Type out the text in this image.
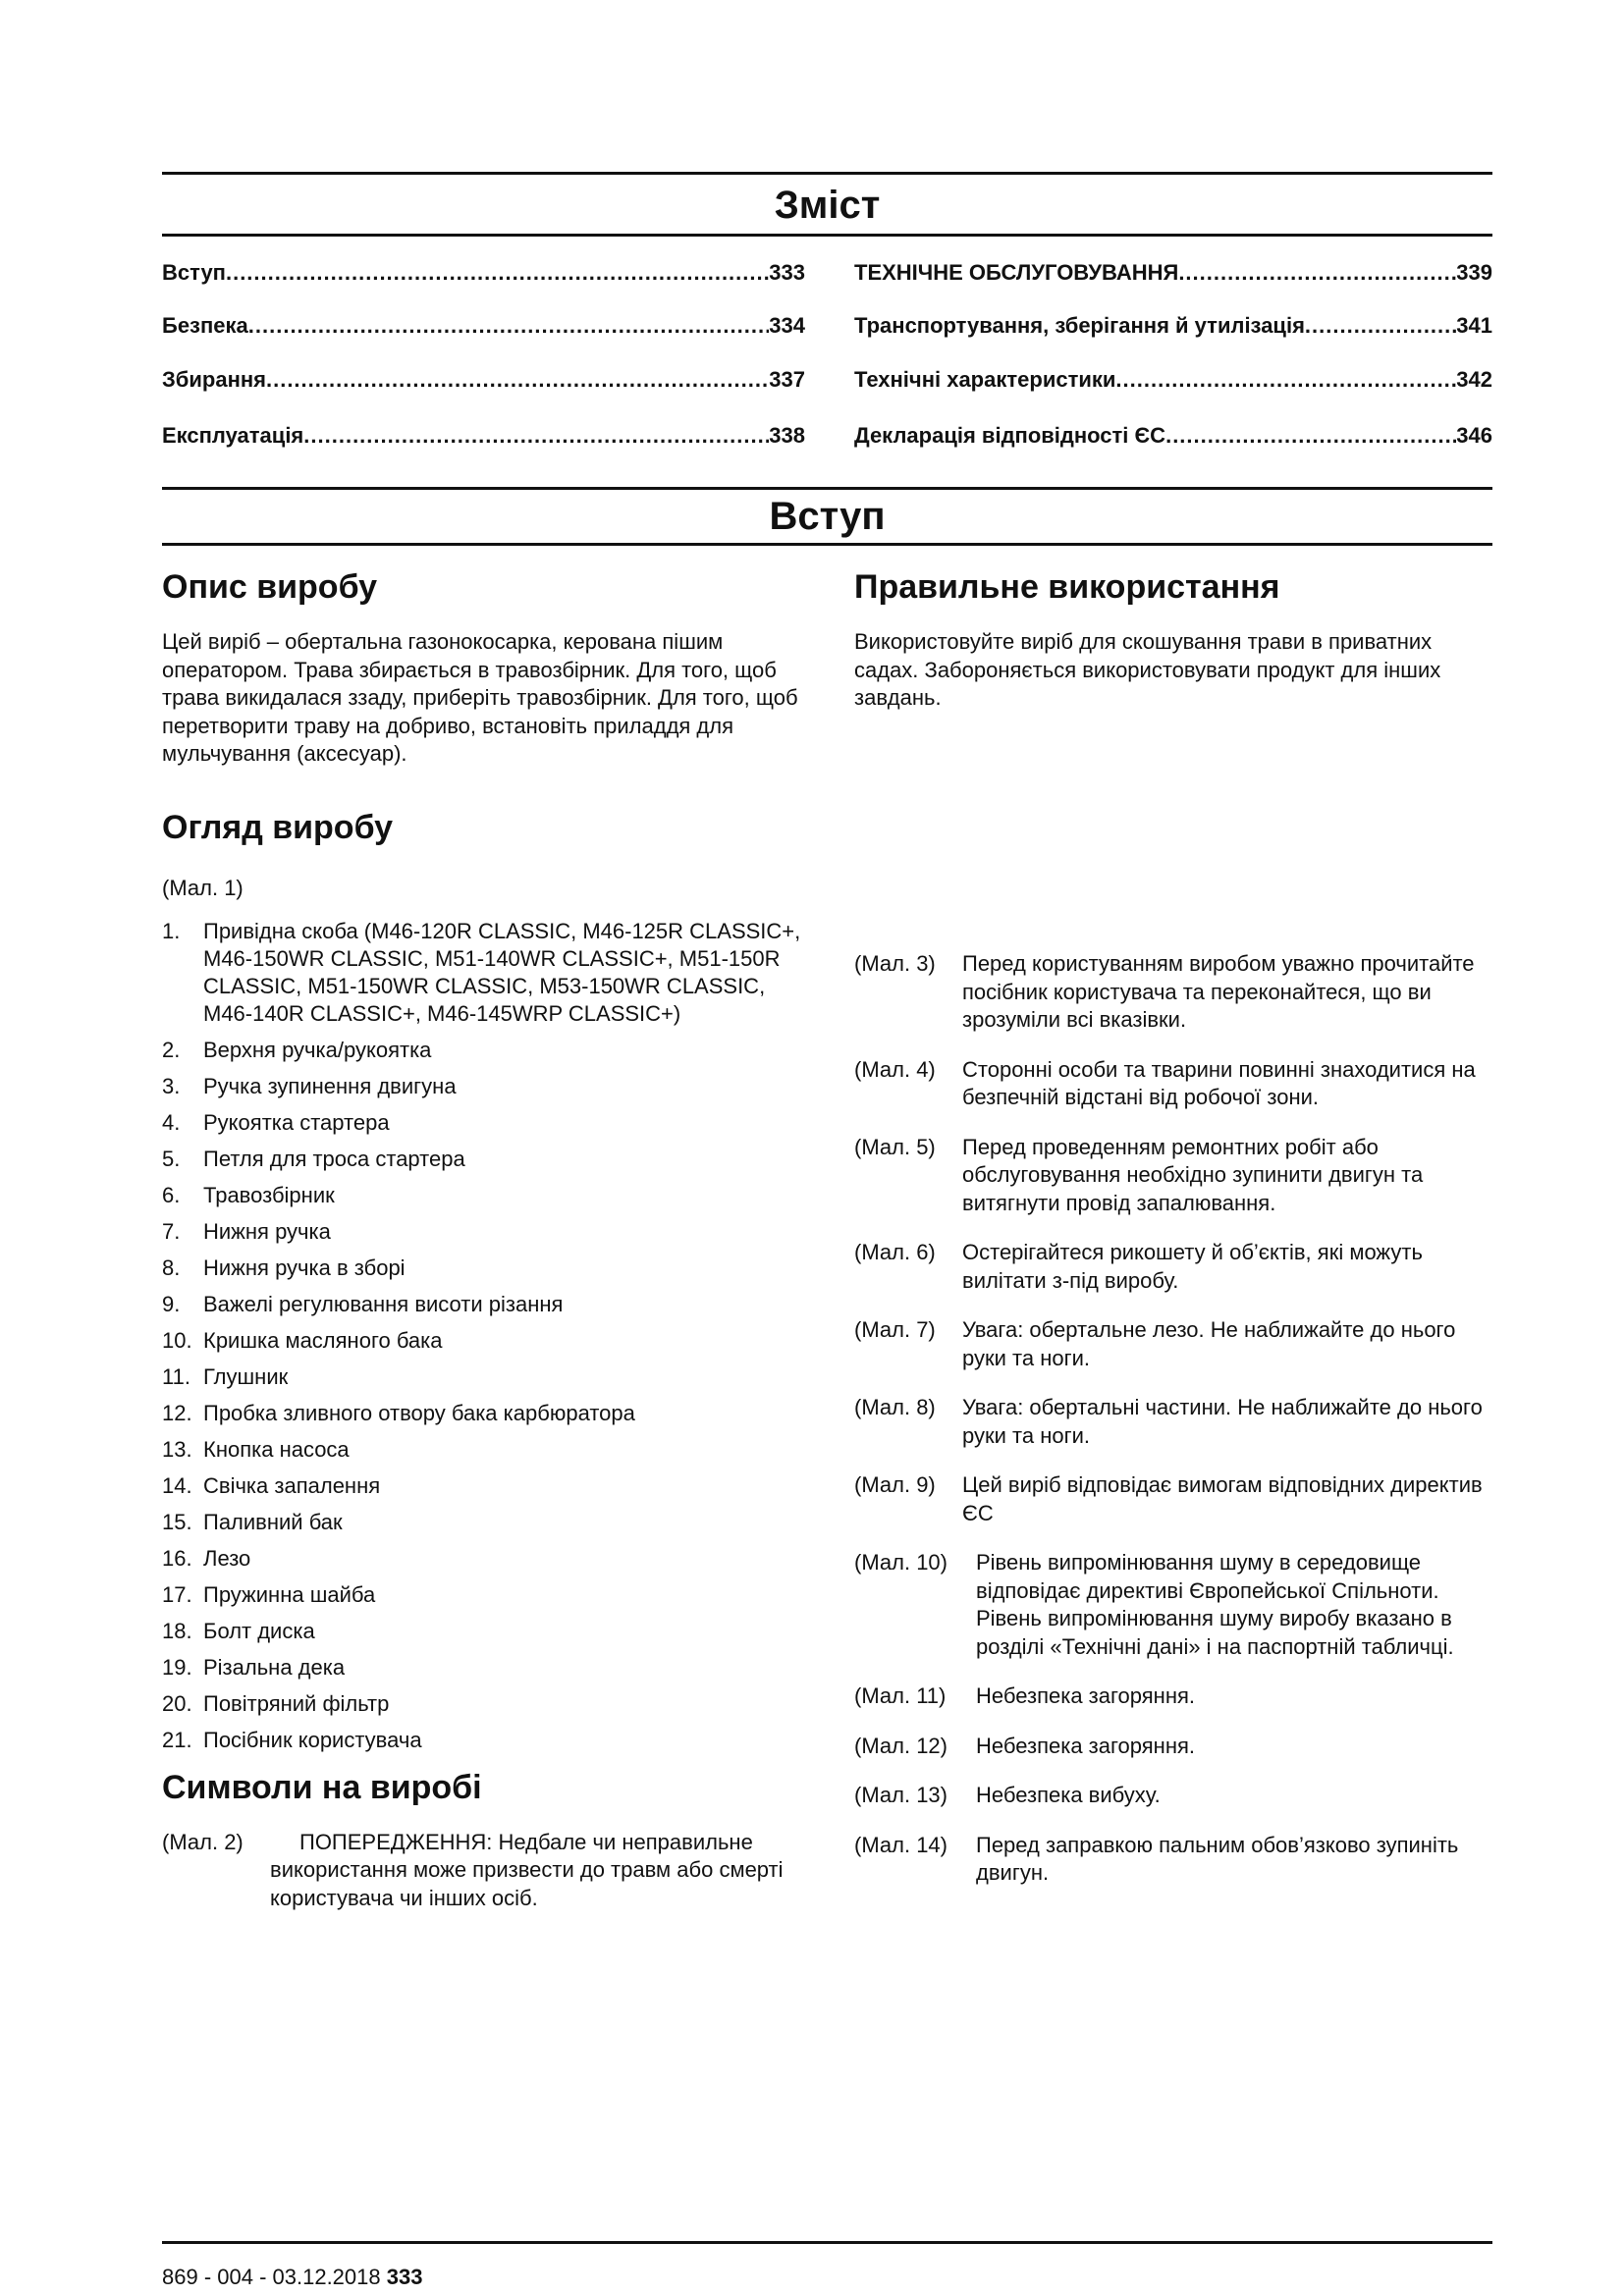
Зміст
Вступ .....	333
Безпека .....	334
Збирання .....	337
Експлуатація .....	338
ТЕХНІЧНЕ ОБСЛУГОВУВАННЯ .....	339
Транспортування, зберігання й утилізація .....	341
Технічні характеристики .....	342
Декларація відповідності ЄС .....	346
Вступ
Опис виробу

Цей виріб – обертальна газонокосарка, керована пішим оператором. Трава збирається в травозбірник. Для того, щоб трава викидалася ззаду, приберіть травозбірник. Для того, щоб перетворити траву на добриво, встановіть приладдя для мульчування (аксесуар).

Огляд виробу
(Мал. 1)
1. Привідна скоба (M46-120R CLASSIC, M46-125R CLASSIC+, M46-150WR CLASSIC, M51-140WR CLASSIC+, M51-150R CLASSIC, M51-150WR CLASSIC, M53-150WR CLASSIC, M46-140R CLASSIC+, M46-145WRP CLASSIC+)
2. Верхня ручка/рукоятка
3. Ручка зупинення двигуна
4. Рукоятка стартера
5. Петля для троса стартера
6. Травозбірник
7. Нижня ручка
8. Нижня ручка в зборі
9. Важелі регулювання висоти різання
10. Кришка масляного бака
11. Глушник
12. Пробка зливного отвору бака карбюратора
13. Кнопка насоса
14. Свічка запалення
15. Паливний бак
16. Лезо
17. Пружинна шайба
18. Болт диска
19. Різальна дека
20. Повітряний фільтр
21. Посібник користувача
Символи на виробі
(Мал. 2)	ПОПЕРЕДЖЕННЯ: Недбале чи неправильне використання може призвести до травм або смерті користувача чи інших осіб.
Правильне використання

Використовуйте виріб для скошування трави в приватних садах. Забороняється використовувати продукт для інших завдань.

(Мал. 3) Перед користуванням виробом уважно прочитайте посібник користувача та переконайтеся, що ви зрозуміли всі вказівки.
(Мал. 4) Сторонні особи та тварини повинні знаходитися на безпечній відстані від робочої зони.
(Мал. 5) Перед проведенням ремонтних робіт або обслуговування необхідно зупинити двигун та витягнути провід запалювання.
(Мал. 6) Остерігайтеся рикошету й об’єктів, які можуть вилітати з-під виробу.
(Мал. 7) Увага: обертальне лезо. Не наближайте до нього руки та ноги.
(Мал. 8) Увага: обертальні частини. Не наближайте до нього руки та ноги.
(Мал. 9) Цей виріб відповідає вимогам відповідних директив ЄС
(Мал. 10) Рівень випромінювання шуму в середовище відповідає директиві Європейської Спільноти. Рівень випромінювання шуму виробу вказано в розділі «Технічні дані» і на паспортній табличці.
(Мал. 11) Небезпека загоряння.
(Мал. 12) Небезпека загоряння.
(Мал. 13) Небезпека вибуху.
(Мал. 14) Перед заправкою пальним обов’язково зупиніть двигун.
869 - 004 - 03.12.2018 333
